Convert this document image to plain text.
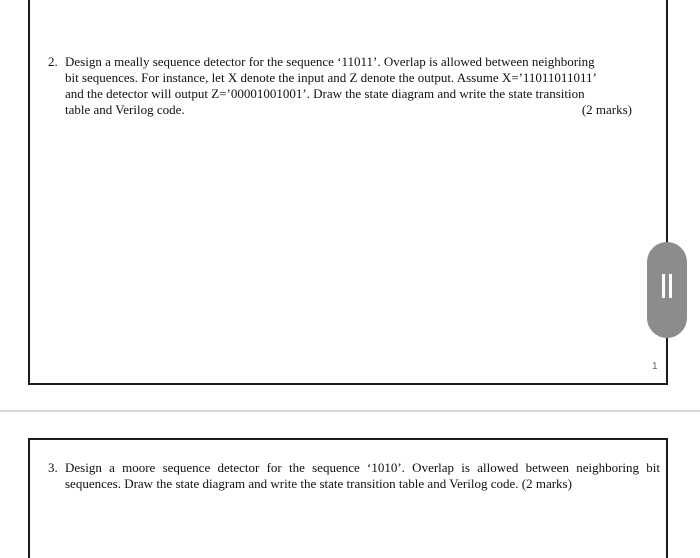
2. Design a meally sequence detector for the sequence ‘11011’. Overlap is allowed between neighboring
bit sequences. For instance, let X denote the input and Z denote the output. Assume X=’11011011011’
and the detector will output Z=’00001001001’. Draw the state diagram and write the state transition
table and Verilog code.	(2 marks)
3. Design a moore sequence detector for the sequence ‘1010’. Overlap is allowed between neighboring bit sequences. Draw the state diagram and write the state transition table and Verilog code. (2 marks)
1
